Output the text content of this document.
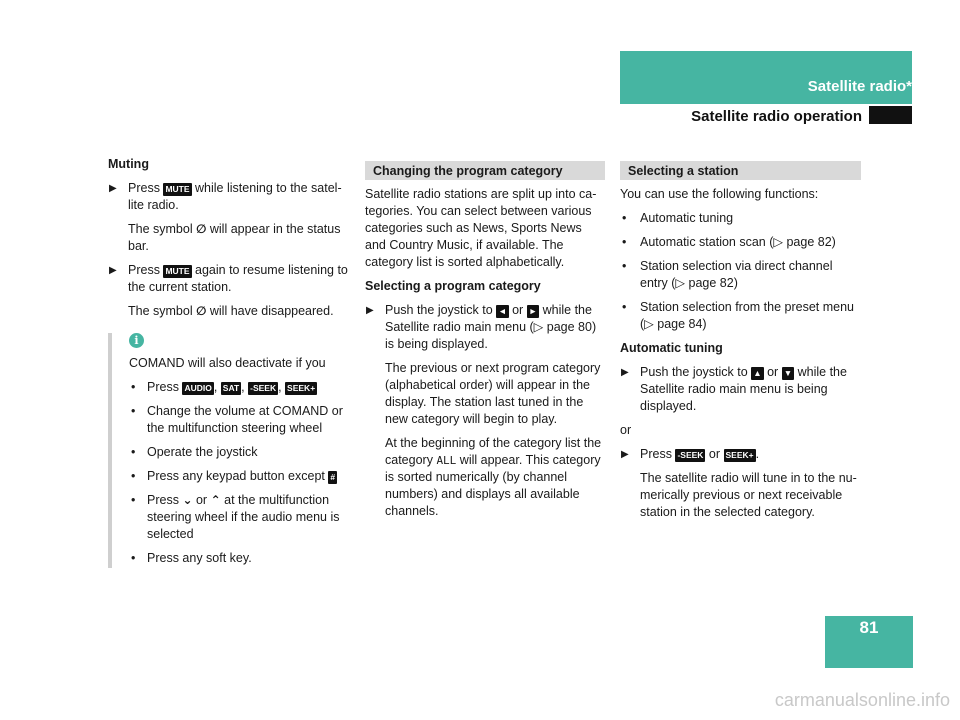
Satellite radio*
Satellite radio operation

Muting

▶ Press MUTE while listening to the satel-lite radio.
The symbol ∅ will appear in the status bar.
▶ Press MUTE again to resume listening to the current station.
The symbol ∅ will have disappeared.
i

COMAND will also deactivate if you

• Press AUDIO , SAT , -SEEK , SEEK+
• Change the volume at COMAND or the multifunction steering wheel
• Operate the joystick
• Press any keypad button except #
• Press ⌄ or ⌃ at the multifunction steering wheel if the audio menu is selected
• Press any soft key.
Changing the program category

Satellite radio stations are split up into ca-tegories. You can select between various categories such as News, Sports News and Country Music, if available. The category list is sorted alphabetically.

Selecting a program category

▶ Push the joystick to ◄ or ► while the Satellite radio main menu (▷ page 80) is being displayed.
The previous or next program category (alphabetical order) will appear in the display. The station last tuned in the new category will begin to play.
At the beginning of the category list the category ALL will appear. This category is sorted numerically (by channel numbers) and displays all available channels.
Selecting a station

You can use the following functions:

• Automatic tuning
• Automatic station scan (▷ page 82)
• Station selection via direct channel entry (▷ page 82)
• Station selection from the preset menu (▷ page 84)

Automatic tuning

▶ Push the joystick to ▲ or ▼ while the Satellite radio main menu is being displayed.

or

▶ Press -SEEK or SEEK+ .
The satellite radio will tune in to the nu-merically previous or next receivable station in the selected category.
81
carmanualsonline.info
